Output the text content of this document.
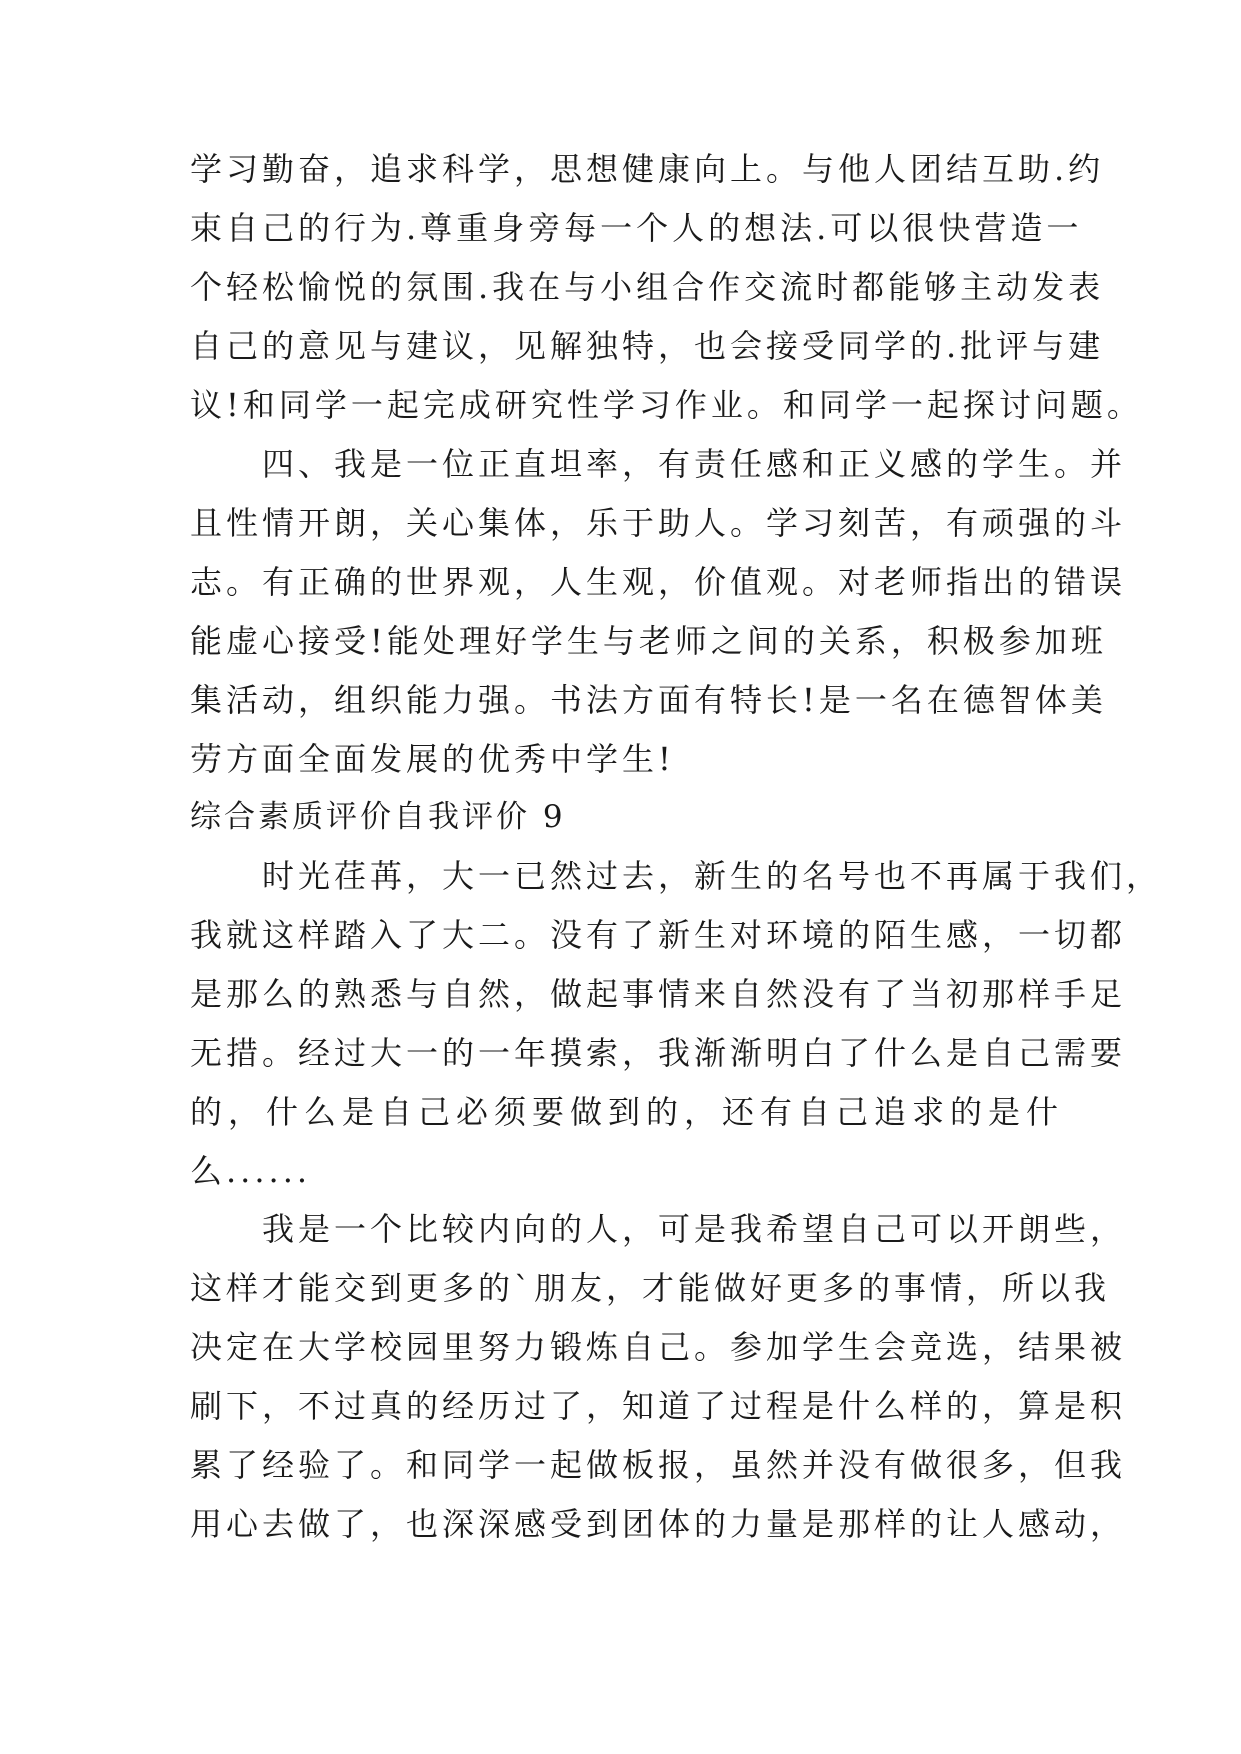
学习勤奋，追求科学，思想健康向上。与他人团结互助.约
束自己的行为.尊重身旁每一个人的想法.可以很快营造一
个轻松愉悦的氛围.我在与小组合作交流时都能够主动发表
自己的意见与建议，见解独特，也会接受同学的.批评与建
议!和同学一起完成研究性学习作业。和同学一起探讨问题。
　　四、我是一位正直坦率，有责任感和正义感的学生。并
且性情开朗，关心集体，乐于助人。学习刻苦，有顽强的斗
志。有正确的世界观，人生观，价值观。对老师指出的错误
能虚心接受!能处理好学生与老师之间的关系，积极参加班
集活动，组织能力强。书法方面有特长!是一名在德智体美
劳方面全面发展的优秀中学生!
综合素质评价自我评价 9
　　时光荏苒，大一已然过去，新生的名号也不再属于我们，
我就这样踏入了大二。没有了新生对环境的陌生感，一切都
是那么的熟悉与自然，做起事情来自然没有了当初那样手足
无措。经过大一的一年摸索，我渐渐明白了什么是自己需要
的，什么是自己必须要做到的，还有自己追求的是什
么......
　　我是一个比较内向的人，可是我希望自己可以开朗些，
这样才能交到更多的`朋友，才能做好更多的事情，所以我
决定在大学校园里努力锻炼自己。参加学生会竞选，结果被
刷下，不过真的经历过了，知道了过程是什么样的，算是积
累了经验了。和同学一起做板报，虽然并没有做很多，但我
用心去做了，也深深感受到团体的力量是那样的让人感动，
